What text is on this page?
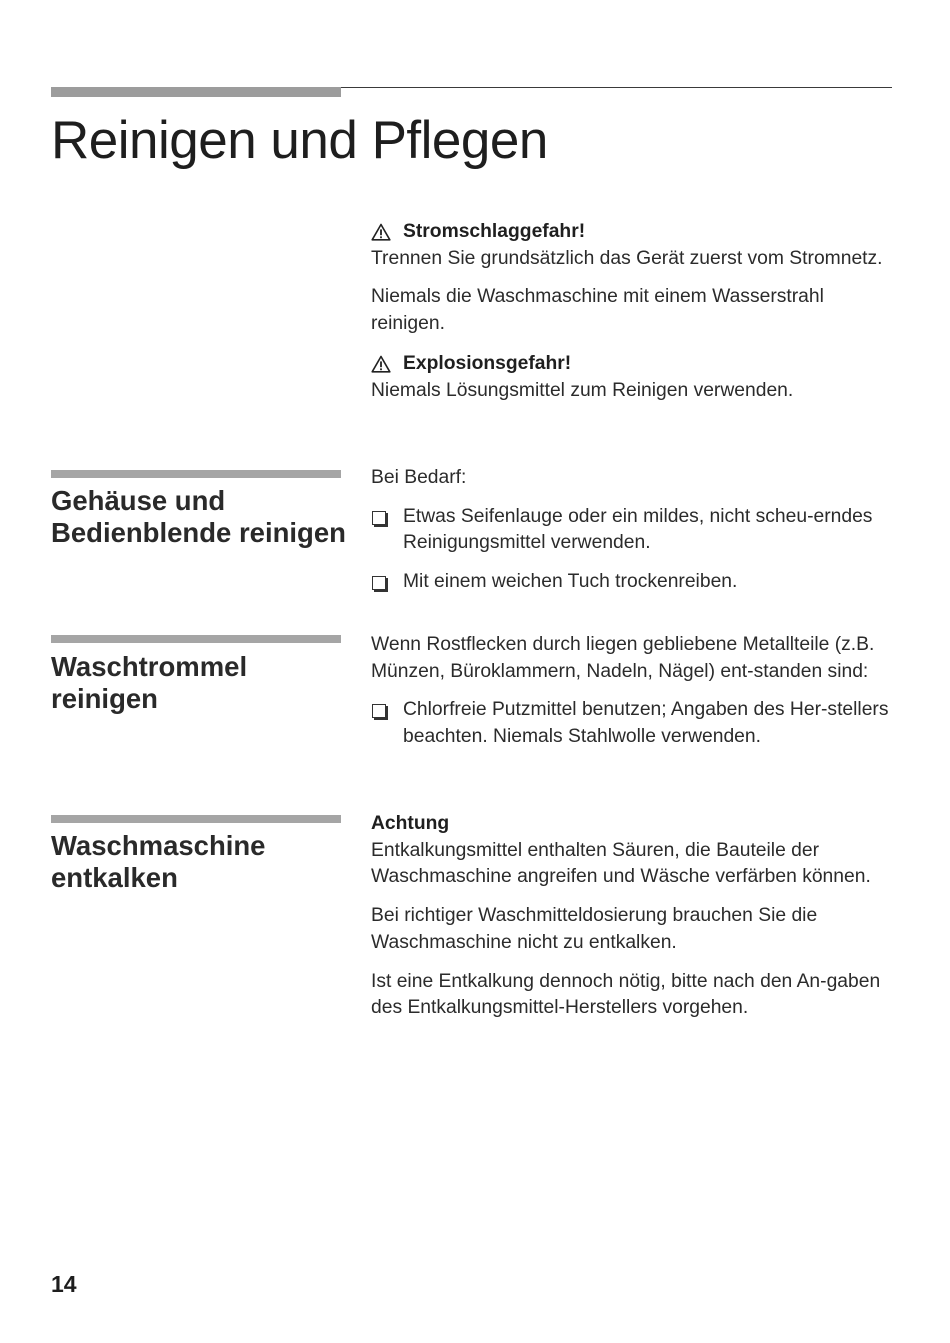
Reinigen und Pflegen
Stromschlaggefahr!

Trennen Sie grundsätzlich das Gerät zuerst vom Stromnetz.

Niemals die Waschmaschine mit einem Wasserstrahl reinigen.

Explosionsgefahr!

Niemals Lösungsmittel zum Reinigen verwenden.

Gehäuse und Bedienblende reinigen

Bei Bedarf:

Etwas Seifenlauge oder ein mildes, nicht scheu-erndes Reinigungsmittel verwenden.
Mit einem weichen Tuch trockenreiben.
Waschtrommel reinigen

Wenn Rostflecken durch liegen gebliebene Metallteile (z.B. Münzen, Büroklammern, Nadeln, Nägel) ent-standen sind:

Chlorfreie Putzmittel benutzen; Angaben des Her-stellers beachten. Niemals Stahlwolle verwenden.
Waschmaschine entkalken
Achtung

Entkalkungsmittel enthalten Säuren, die Bauteile der Waschmaschine angreifen und Wäsche verfärben können.

Bei richtiger Waschmitteldosierung brauchen Sie die Waschmaschine nicht zu entkalken.

Ist eine Entkalkung dennoch nötig, bitte nach den An-gaben des Entkalkungsmittel-Herstellers vorgehen.

14
